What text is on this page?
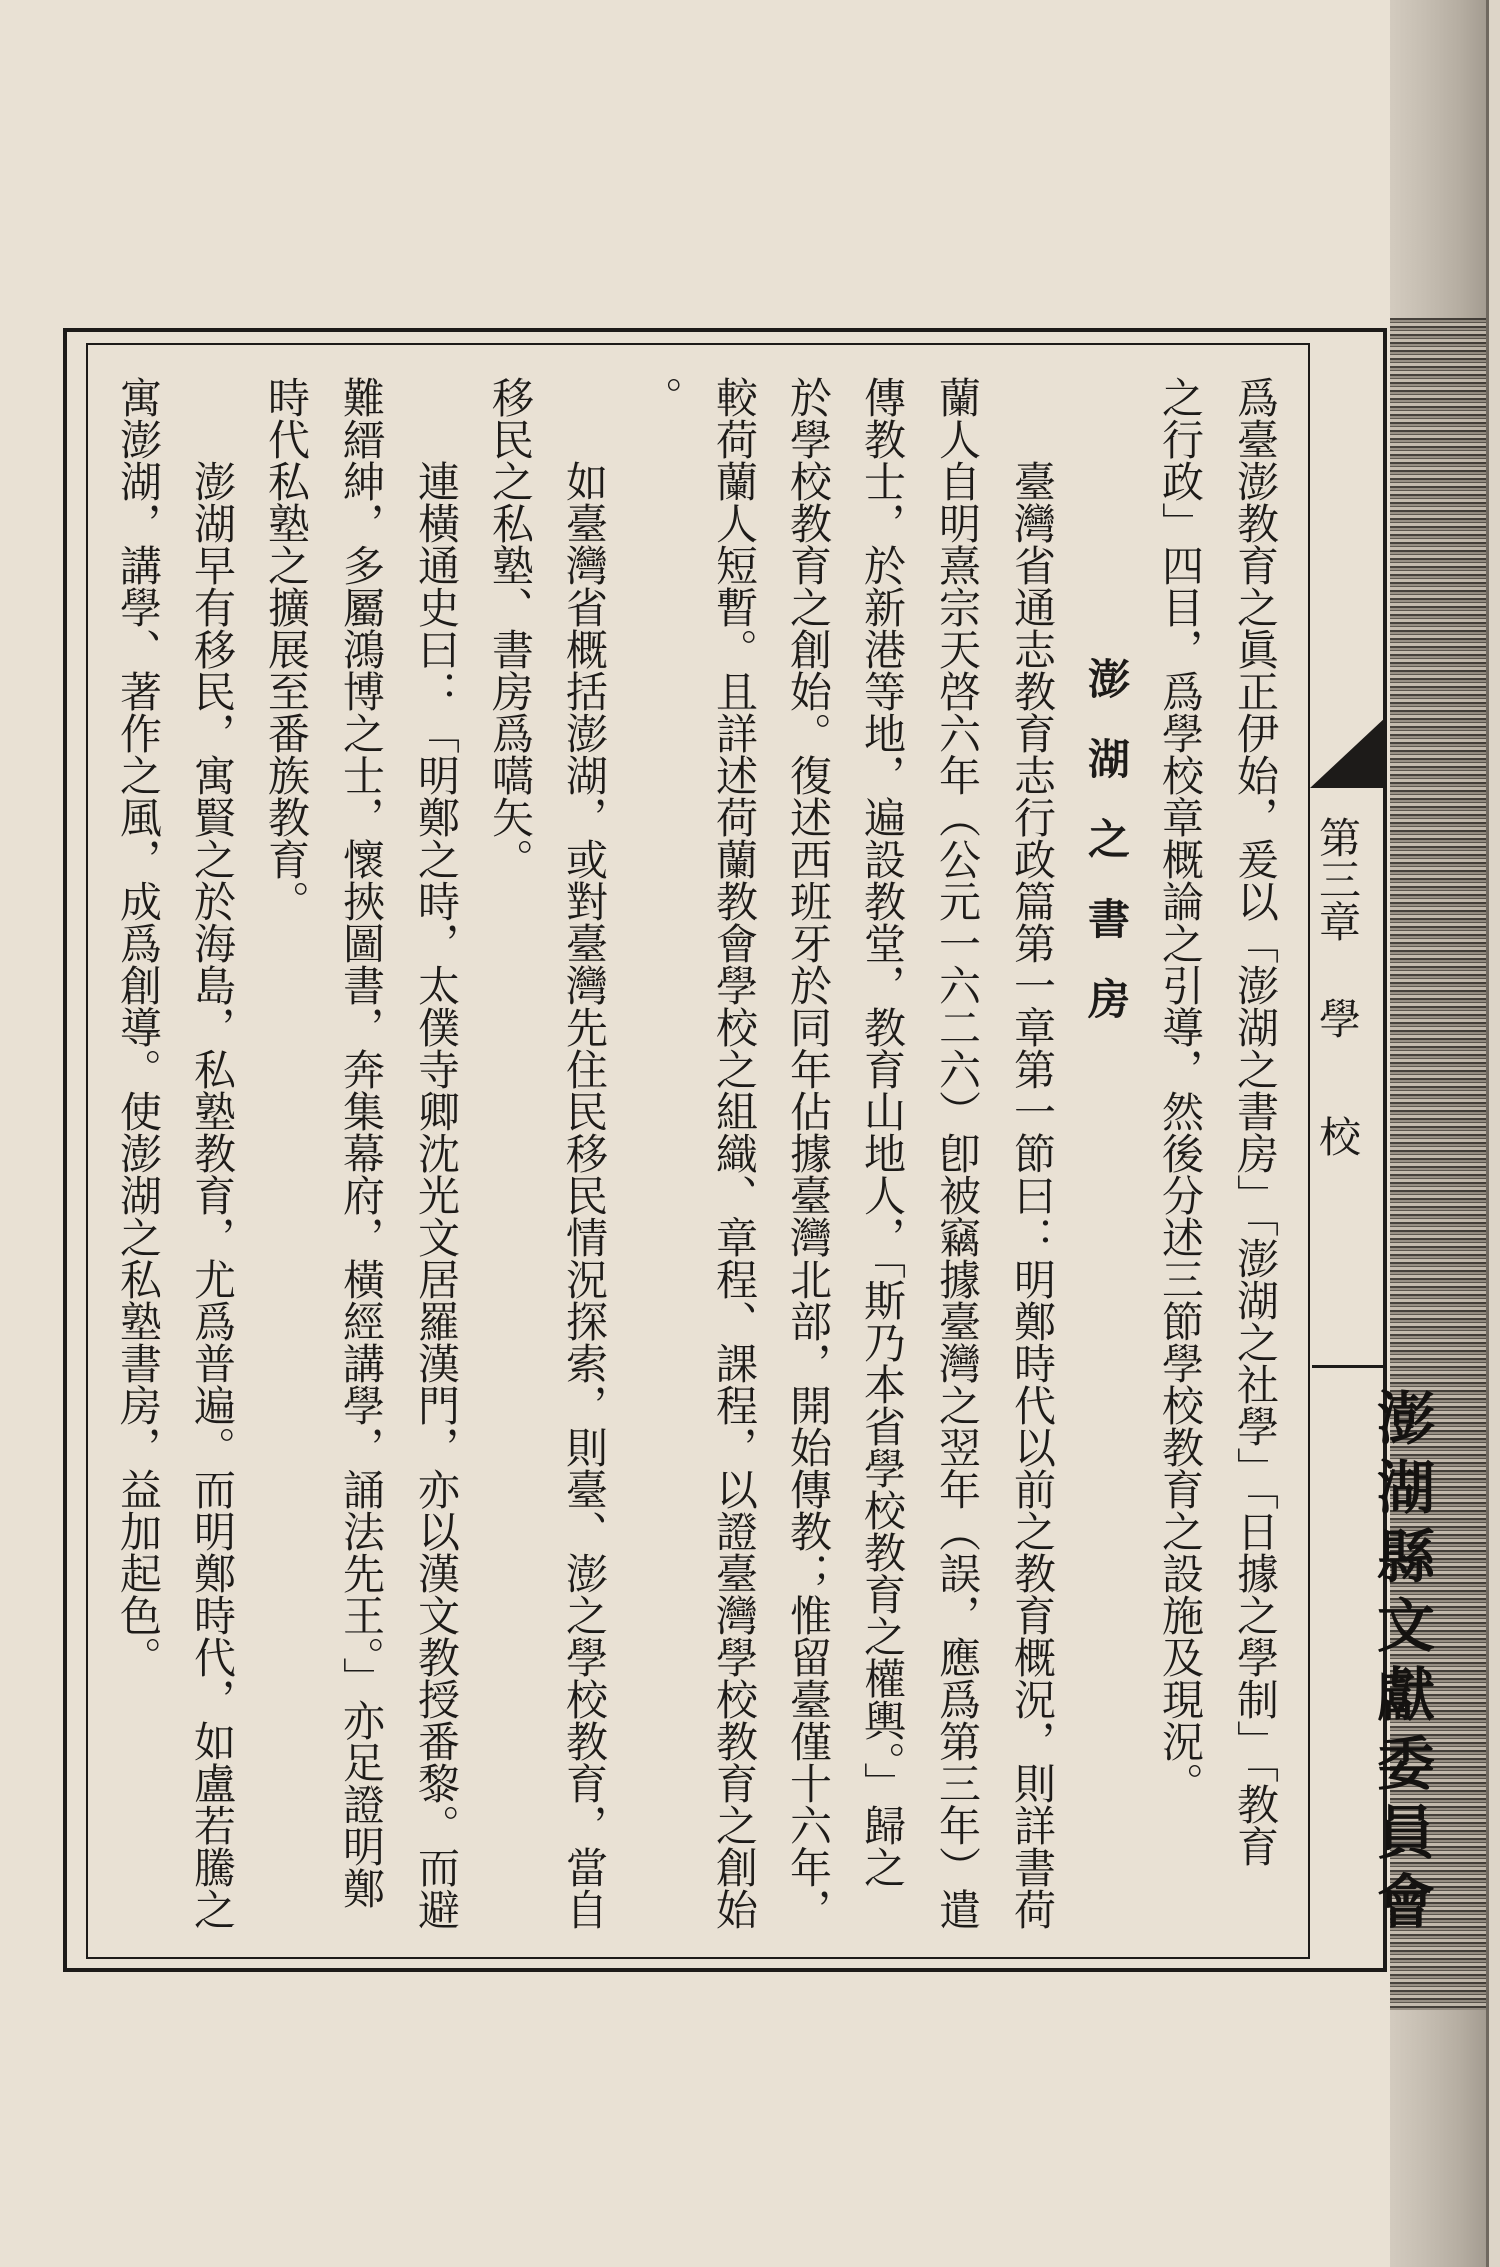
第三章
學校
澎湖縣文獻委員會
爲臺澎教育之眞正伊始，爰以「澎湖之書房」「澎湖之社學」「日據之學制」「教育
之行政」四目，爲學校章概論之引導，然後分述三節學校教育之設施及現況。
澎湖之書房
臺灣省通志教育志行政篇第一章第一節曰：明鄭時代以前之教育概況，則詳書荷
蘭人自明熹宗天啓六年（公元一六二六）卽被竊據臺灣之翌年（誤，應爲第三年）遣
傳教士，於新港等地，遍設教堂，教育山地人，「斯乃本省學校教育之權輿。」歸之
於學校教育之創始。復述西班牙於同年佔據臺灣北部，開始傳教；惟留臺僅十六年，
較荷蘭人短暫。且詳述荷蘭教會學校之組織、章程、課程，以證臺灣學校教育之創始
。
如臺灣省概括澎湖，或對臺灣先住民移民情況探索，則臺、澎之學校教育，當自
移民之私塾、書房爲嚆矢。
連橫通史曰：「明鄭之時，太僕寺卿沈光文居羅漢門，亦以漢文教授番黎。而避
難縉紳，多屬鴻博之士，懷挾圖書，奔集幕府，橫經講學，誦法先王。」亦足證明鄭
時代私塾之擴展至番族教育。
澎湖早有移民，寓賢之於海島，私塾教育，尤爲普遍。而明鄭時代，如盧若騰之
寓澎湖，講學、著作之風，成爲創導。使澎湖之私塾書房，益加起色。
